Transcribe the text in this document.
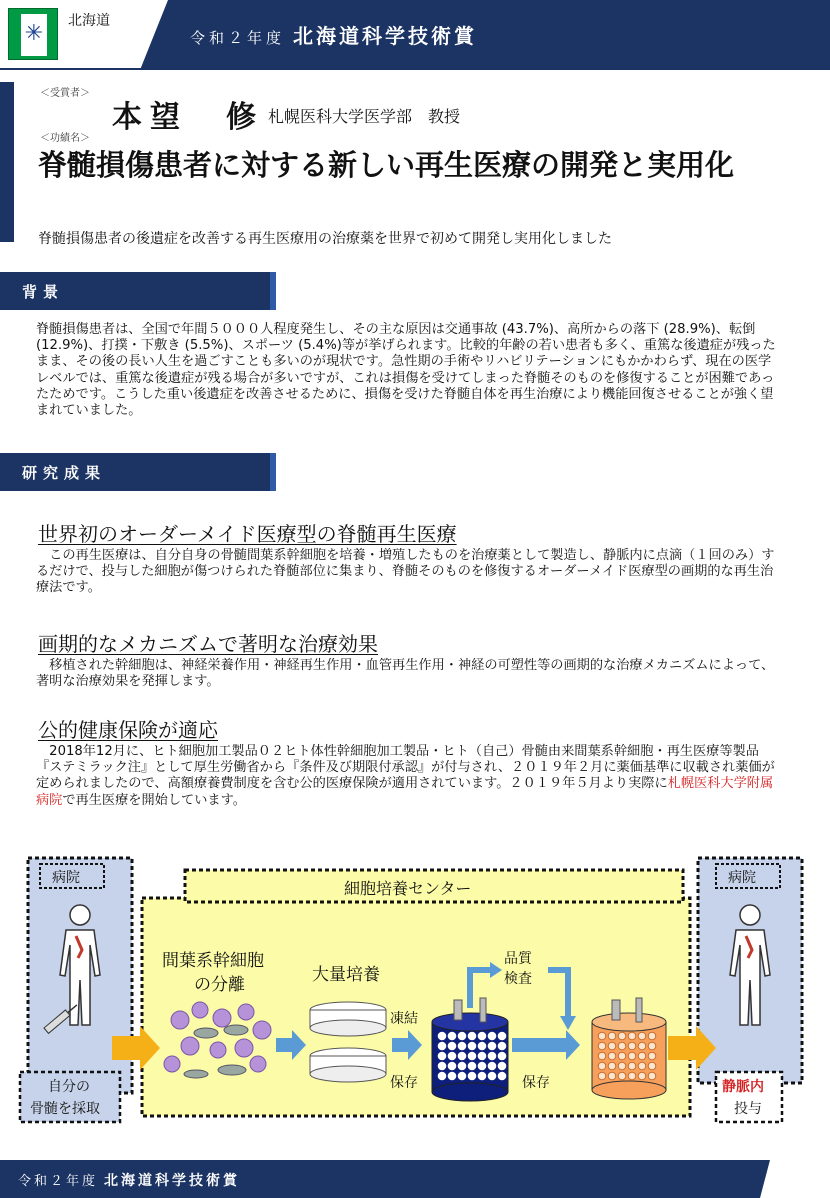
✳ 北海道
令和２年度 北海道科学技術賞
＜受賞者＞
本望　修 札幌医科大学医学部　教授
＜功績名＞
脊髄損傷患者に対する新しい再生医療の開発と実用化
脊髄損傷患者の後遺症を改善する再生医療用の治療薬を世界で初めて開発し実用化しました
背景
脊髄損傷患者は、全国で年間５０００人程度発生し、その主な原因は交通事故 (43.7%)、高所からの落下 (28.9%)、転倒 (12.9%)、打撲・下敷き (5.5%)、スポーツ (5.4%)等が挙げられます。比較的年齢の若い患者も多く、重篤な後遺症が残ったまま、その後の長い人生を過ごすことも多いのが現状です。急性期の手術やリハビリテーションにもかかわらず、現在の医学レベルでは、重篤な後遺症が残る場合が多いですが、これは損傷を受けてしまった脊髄そのものを修復することが困難であったためです。こうした重い後遺症を改善させるために、損傷を受けた脊髄自体を再生治療により機能回復させることが強く望まれていました。
研究成果
世界初のオーダーメイド医療型の脊髄再生医療
　この再生医療は、自分自身の骨髄間葉系幹細胞を培養・増殖したものを治療薬として製造し、静脈内に点滴（１回のみ）するだけで、投与した細胞が傷つけられた脊髄部位に集まり、脊髄そのものを修復するオーダーメイド医療型の画期的な再生治療法です。
画期的なメカニズムで著明な治療効果
　移植された幹細胞は、神経栄養作用・神経再生作用・血管再生作用・神経の可塑性等の画期的な治療メカニズムによって、著明な治療効果を発揮します。
公的健康保険が適応
　2018年12月に、ヒト細胞加工製品０２ヒト体性幹細胞加工製品・ヒト（自己）骨髄由来間葉系幹細胞・再生医療等製品『ステミラック注』として厚生労働省から『条件及び期限付承認』が付与され、２０１９年２月に薬価基準に収載され薬価が定められましたので、高額療養費制度を含む公的医療保険が適用されています。２０１９年５月より実際に札幌医科大学附属病院で再生医療を開始しています。
病院	病院
細胞培養センター
間葉系幹細胞
の分離	大量培養
凍結
保存	保存
品質
検査
自分の
骨髄を採取
静脈内
投与
令和２年度 北海道科学技術賞
